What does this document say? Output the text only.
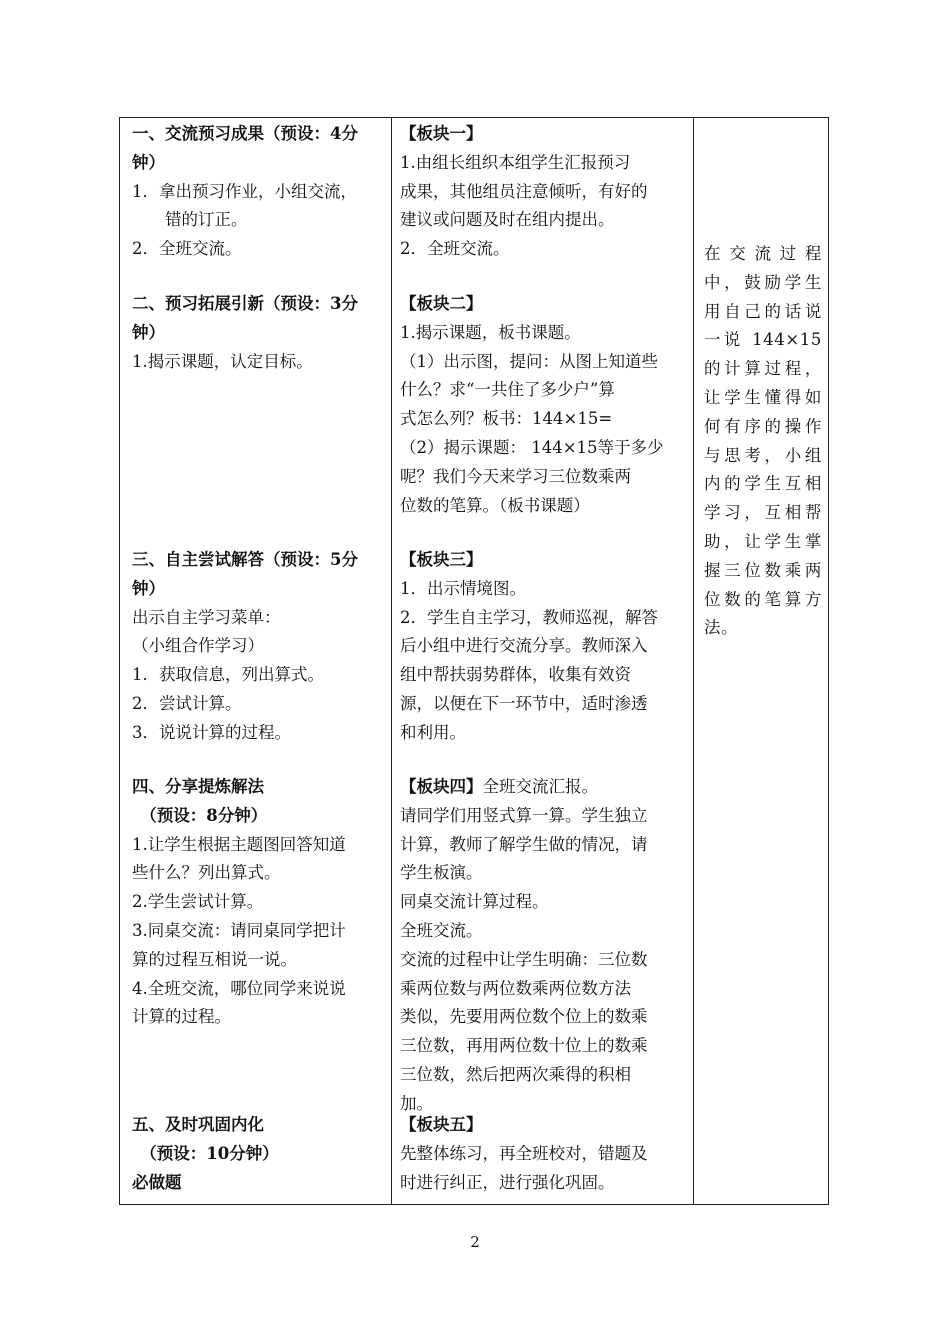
一、交流预习成果（预设：4分
钟）
1．拿出预习作业，小组交流，
　　错的订正。
2．全班交流。
二、预习拓展引新（预设：3分
钟）
1.揭示课题，认定目标。
三、自主尝试解答（预设：5分
钟）
出示自主学习菜单：
（小组合作学习）
1．获取信息，列出算式。
2．尝试计算。
3．说说计算的过程。
四、分享提炼解法
　（预设：8分钟）
1.让学生根据主题图回答知道
些什么？列出算式。
2.学生尝试计算。
3.同桌交流：请同桌同学把计
算的过程互相说一说。
4.全班交流，哪位同学来说说
计算的过程。
五、及时巩固内化
　（预设：10分钟）
必做题
【板块一】
1.由组长组织本组学生汇报预习
成果，其他组员注意倾听，有好的
建议或问题及时在组内提出。
2．全班交流。
【板块二】
1.揭示课题，板书课题。
（1）出示图，提问：从图上知道些
什么？求“一共住了多少户”算
式怎么列？板书：144×15=
（2）揭示课题： 144×15等于多少
呢？我们今天来学习三位数乘两
位数的笔算。（板书课题）
【板块三】
1．出示情境图。
2．学生自主学习，教师巡视，解答
后小组中进行交流分享。教师深入
组中帮扶弱势群体，收集有效资
源，以便在下一环节中，适时渗透
和利用。
【板块四】全班交流汇报。
请同学们用竖式算一算。学生独立
计算，教师了解学生做的情况，请
学生板演。
同桌交流计算过程。
全班交流。
交流的过程中让学生明确：三位数
乘两位数与两位数乘两位数方法
类似，先要用两位数个位上的数乘
三位数，再用两位数十位上的数乘
三位数，然后把两次乘得的积相
加。
【板块五】
先整体练习，再全班校对，错题及
时进行纠正，进行强化巩固。
在交流过程中，鼓励学生用自己的话说一说 144×15的计算过程，让学生懂得如何有序的操作与思考，小组内的学生互相学习，互相帮助，让学生掌握三位数乘两位数的笔算方法。
2
